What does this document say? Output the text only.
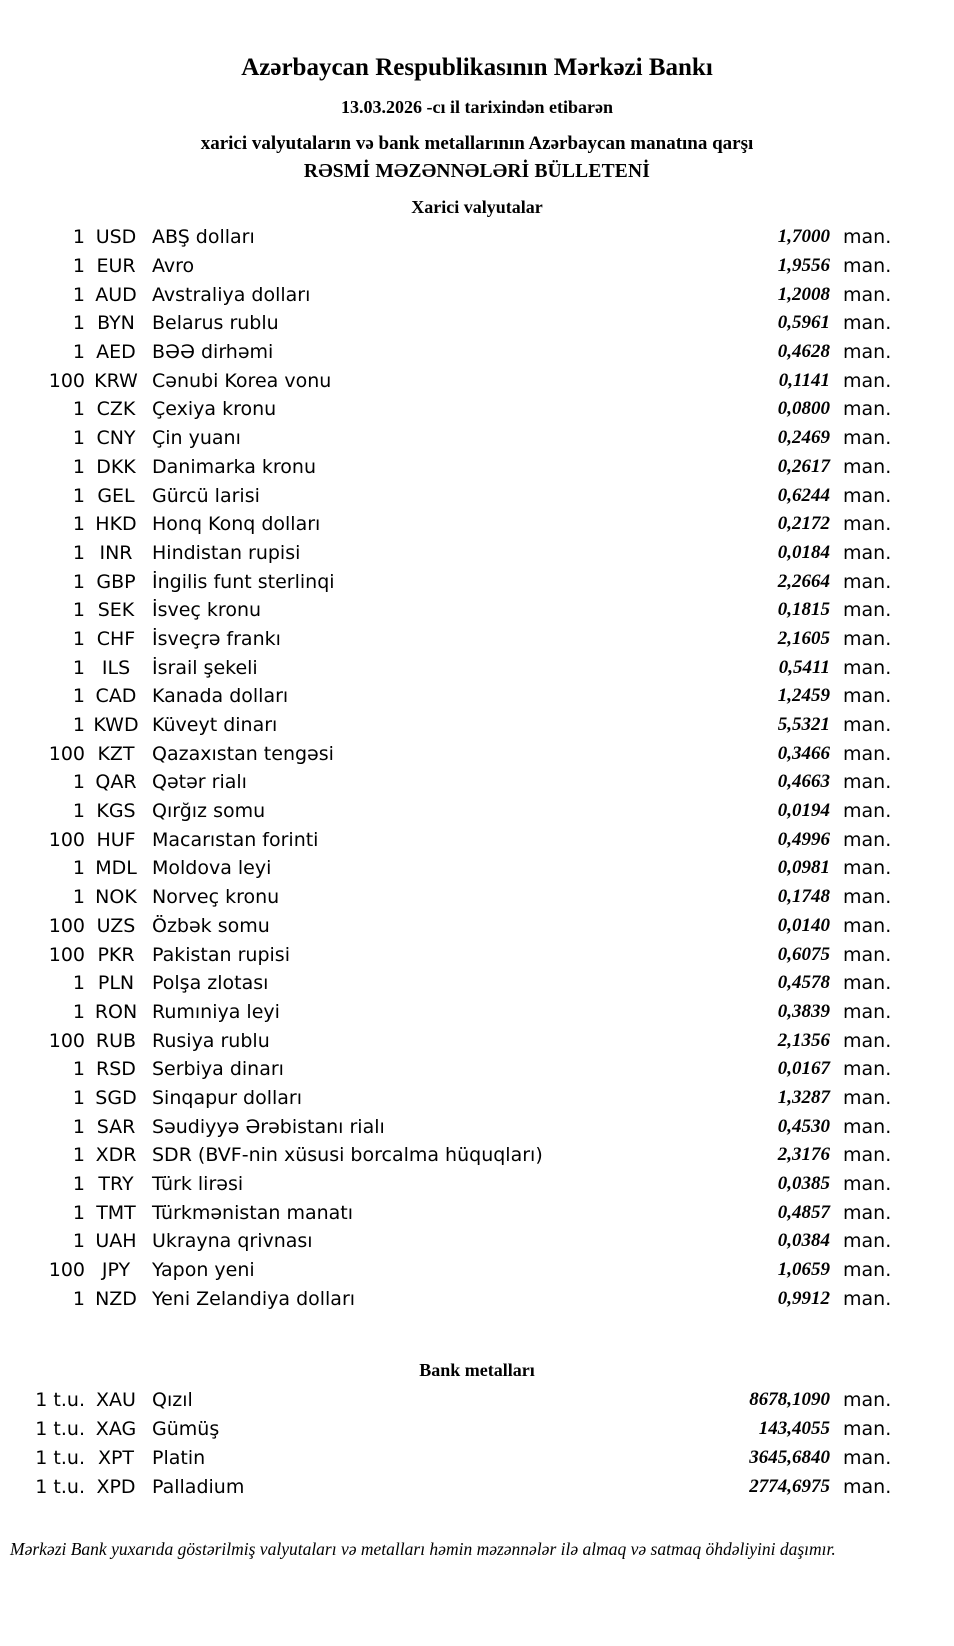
Azərbaycan Respublikasının Mərkəzi Bankı
13.03.2026 -cı il tarixindən etibarən
xarici valyutaların və bank metallarının Azərbaycan manatına qarşı
RƏSMİ MƏZƏNNƏLƏRİ BÜLLETENİ
Xarici valyutalar
1 USD ABŞ dolları	1,7000 man.
1 EUR Avro	1,9556 man.
1 AUD Avstraliya dolları	1,2008 man.
1 BYN Belarus rublu	0,5961 man.
1 AED BƏƏ dirhəmi	0,4628 man.
100 KRW Cənubi Korea vonu	0,1141 man.
1 CZK Çexiya kronu	0,0800 man.
1 CNY Çin yuanı	0,2469 man.
1 DKK Danimarka kronu	0,2617 man.
1 GEL Gürcü larisi	0,6244 man.
1 HKD Honq Konq dolları	0,2172 man.
1 INR	Hindistan rupisi	0,0184 man.
1 GBP İngilis funt sterlinqi	2,2664 man.
1 SEK İsveç kronu	0,1815 man.
1 CHF İsveçrə frankı	2,1605 man.
1 ILS	İsrail şekeli	0,5411 man.
1 CAD Kanada dolları	1,2459 man.
1 KWD Küveyt dinarı	5,5321 man.
100 KZT Qazaxıstan tengəsi	0,3466 man.
1 QAR Qətər rialı	0,4663 man.
1 KGS Qırğız somu	0,0194 man.
100 HUF Macarıstan forinti	0,4996 man.
1 MDL Moldova leyi	0,0981 man.
1 NOK Norveç kronu	0,1748 man.
100 UZS Özbək somu	0,0140 man.
100 PKR Pakistan rupisi	0,6075 man.
1 PLN Polşa zlotası	0,4578 man.
1 RON Rumıniya leyi	0,3839 man.
100 RUB Rusiya rublu	2,1356 man.
1 RSD Serbiya dinarı	0,0167 man.
1 SGD Sinqapur dolları	1,3287 man.
1 SAR Səudiyyə Ərəbistanı rialı	0,4530 man.
1 XDR SDR (BVF-nin xüsusi borcalma hüquqları)	2,3176 man.
1 TRY Türk lirəsi	0,0385 man.
1 TMT Türkmənistan manatı	0,4857 man.
1 UAH Ukrayna qrivnası	0,0384 man.
100 JPY	Yapon yeni	1,0659 man.
1 NZD Yeni Zelandiya dolları	0,9912 man.
Bank metalları
1 t.u. XAU Qızıl	8678,1090 man.
1 t.u. XAG Gümüş	143,4055 man.
1 t.u. XPT Platin	3645,6840 man.
1 t.u. XPD Palladium	2774,6975 man.
Mərkəzi Bank yuxarıda göstərilmiş valyutaları və metalları həmin məzənnələr ilə almaq və satmaq öhdəliyini daşımır.
